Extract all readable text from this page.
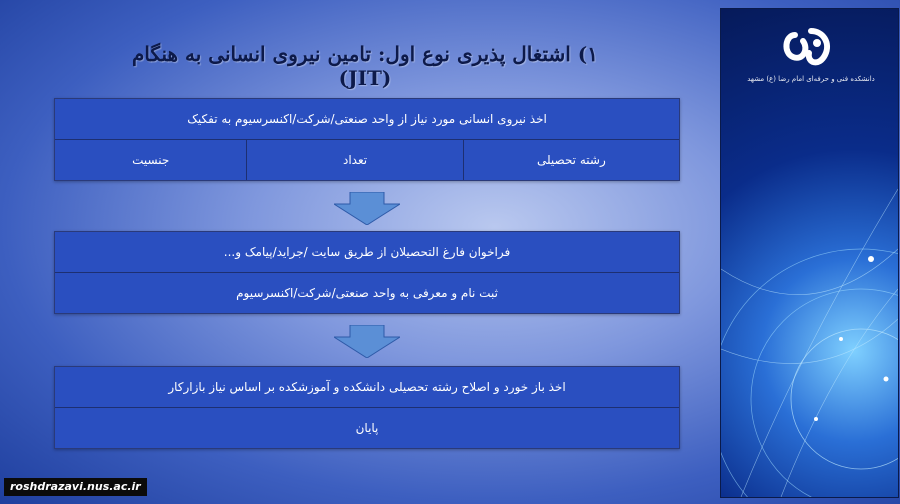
۱) اشتغال پذیری نوع اول: تامین نیروی انسانی به هنگام (JIT)
اخذ نیروی انسانی مورد نیاز از واحد صنعتی/شرکت/اکنسرسیوم به تفکیک
رشته تحصیلی
تعداد
جنسیت
فراخوان فارغ التحصیلان از طریق سایت /جراید/پیامک و...
ثبت نام و معرفی به واحد صنعتی/شرکت/اکنسرسیوم
اخذ باز خورد و اصلاح رشته تحصیلی دانشکده و آموزشکده بر اساس نیاز بازارکار
پایان
دانشکده فنی و حرفه‌ای امام رضا (ع) مشهد
roshdrazavi.nus.ac.ir
